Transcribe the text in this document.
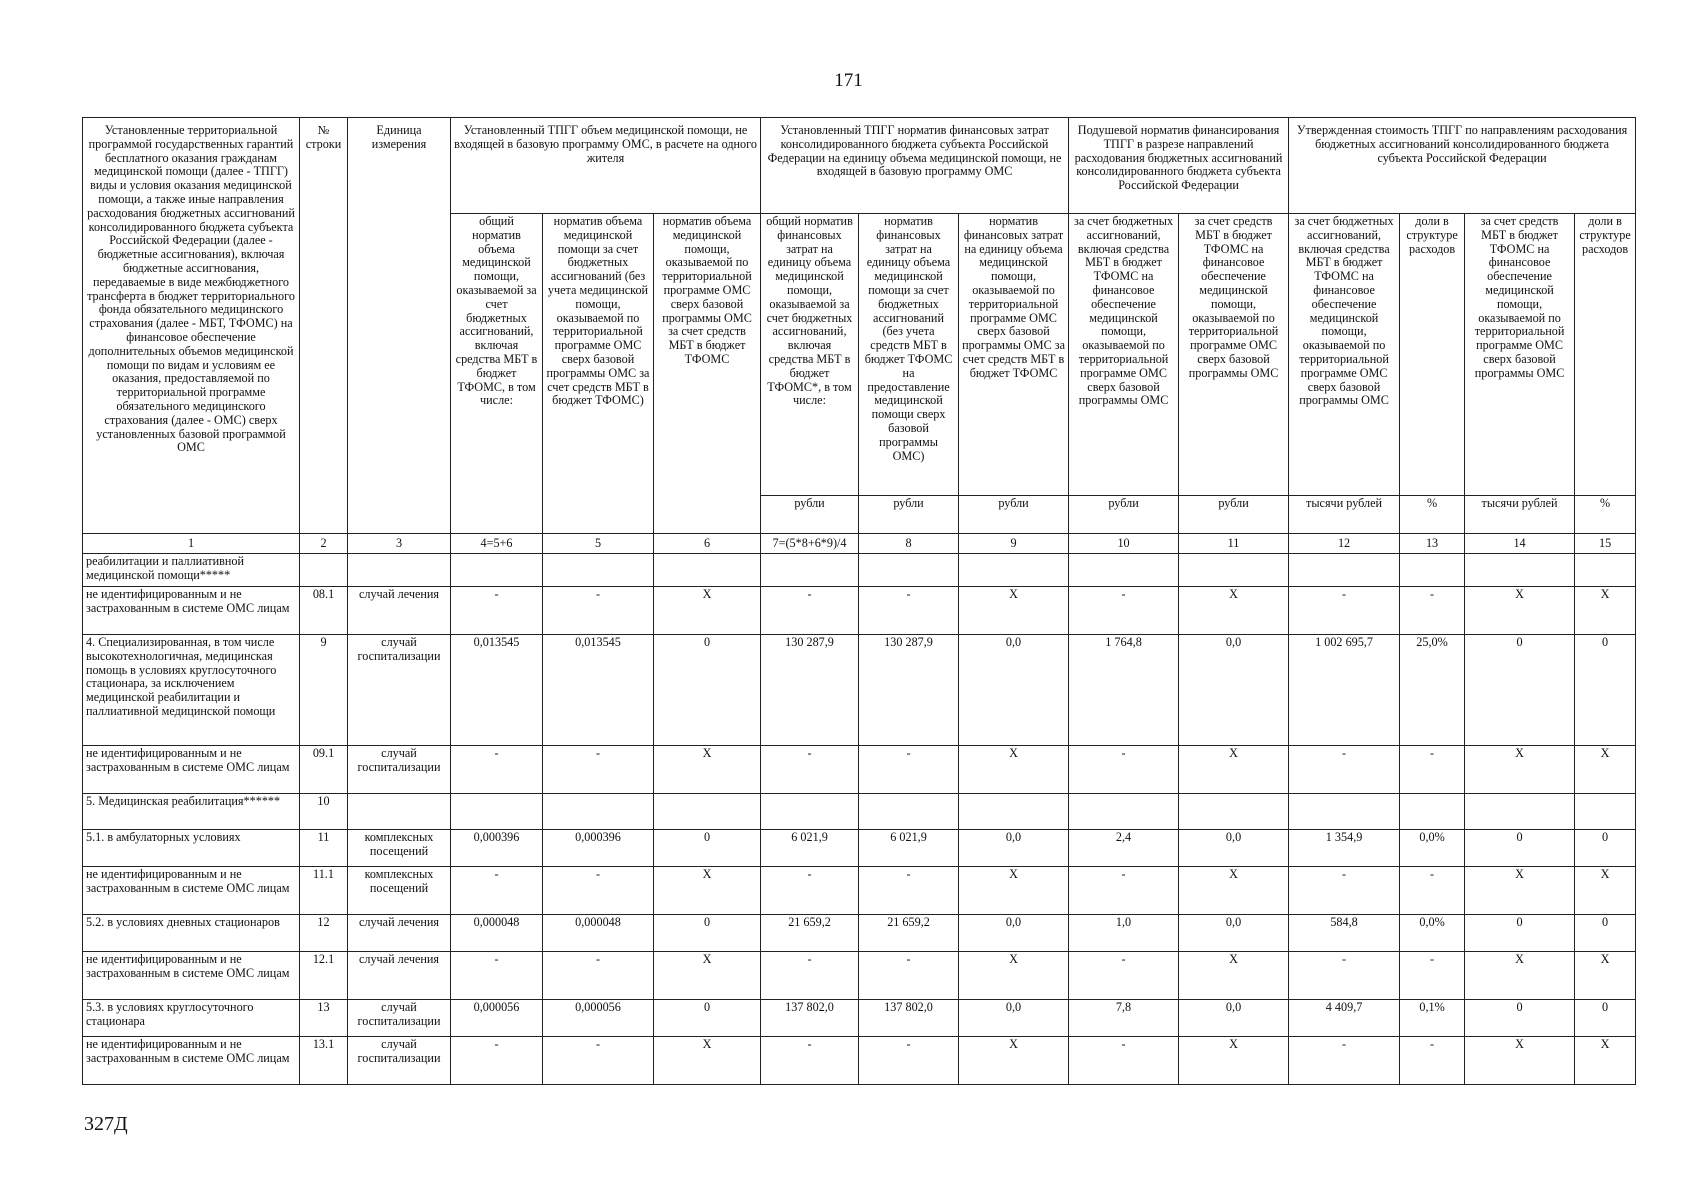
171
Установленные территориальной программой государственных гарантий бесплатного оказания гражданам медицинской помощи (далее - ТПГГ) виды и условия оказания медицинской помощи, а также иные направления расходования бюджетных ассигнований консолидированного бюджета субъекта Российской Федерации (далее - бюджетные ассигнования), включая бюджетные ассигнования, передаваемые в виде межбюджетного трансферта в бюджет территориального фонда обязательного медицинского страхования (далее - МБТ, ТФОМС) на финансовое обеспечение дополнительных объемов медицинской помощи по видам и условиям ее оказания, предоставляемой по территориальной программе обязательного медицинского страхования (далее - ОМС) сверх установленных базовой программой ОМС	№ строки	Единица измерения	Установленный ТПГГ объем медицинской помощи, не входящей в базовую программу ОМС, в расчете на одного жителя			Установленный ТПГГ норматив финансовых затрат консолидированного бюджета субъекта Российской Федерации на единицу объема медицинской помощи, не входящей в базовую программу ОМС			Подушевой норматив финансирования ТПГГ в разрезе направлений расходования бюджетных ассигнований консолидированного бюджета субъекта Российской Федерации		Утвержденная стоимость ТПГГ по направлениям расходования бюджетных ассигнований консолидированного бюджета субъекта Российской Федерации			
			общий норматив объема медицинской помощи, оказываемой за счет бюджетных ассигнований, включая средства МБТ в бюджет ТФОМС, в том числе:	норматив объема медицинской помощи за счет бюджетных ассигнований (без учета медицинской помощи, оказываемой по территориальной программе ОМС сверх базовой программы ОМС за счет средств МБТ в бюджет ТФОМС)	норматив объема медицинской помощи, оказываемой по территориальной программе ОМС сверх базовой программы ОМС за счет средств МБТ в бюджет ТФОМС	общий норматив финансовых затрат на единицу объема медицинской помощи, оказываемой за счет бюджетных ассигнований, включая средства МБТ в бюджет ТФОМС*, в том числе:	норматив финансовых затрат на единицу объема медицинской помощи за счет бюджетных ассигнований (без учета средств МБТ в бюджет ТФОМС на предоставление медицинской помощи сверх базовой программы ОМС)	норматив финансовых затрат на единицу объема медицинской помощи, оказываемой по территориальной программе ОМС сверх базовой программы ОМС за счет средств МБТ в бюджет ТФОМС	за счет бюджетных ассигнований, включая средства МБТ в бюджет ТФОМС на финансовое обеспечение медицинской помощи, оказываемой по территориальной программе ОМС сверх базовой программы ОМС	за счет средств МБТ в бюджет ТФОМС на финансовое обеспечение медицинской помощи, оказываемой по территориальной программе ОМС сверх базовой программы ОМС	за счет бюджетных ассигнований, включая средства МБТ в бюджет ТФОМС на финансовое обеспечение медицинской помощи, оказываемой по территориальной программе ОМС сверх базовой программы ОМС	доли в структуре расходов	за счет средств МБТ в бюджет ТФОМС на финансовое обеспечение медицинской помощи, оказываемой по территориальной программе ОМС сверх базовой программы ОМС	доли в структуре расходов
						рубли	рубли	рубли	рубли	рубли	тысячи рублей	%	тысячи рублей	%
1	2	3	4=5+6	5	6	7=(5*8+6*9)/4	8	9	10	11	12	13	14	15
реабилитации и паллиативной медицинской помощи*****														
не идентифицированным и не застрахованным в системе ОМС лицам	08.1	случай лечения	-	-	X	-	-	X	-	X	-	-	X	X
4. Специализированная, в том числе высокотехнологичная, медицинская помощь в условиях круглосуточного стационара, за исключением медицинской реабилитации и паллиативной медицинской помощи	9	случай госпитализации	0,013545	0,013545	0	130 287,9	130 287,9	0,0	1 764,8	0,0	1 002 695,7	25,0%	0	0
не идентифицированным и не застрахованным в системе ОМС лицам	09.1	случай госпитализации	-	-	X	-	-	X	-	X	-	-	X	X
5. Медицинская реабилитация******	10													
5.1. в амбулаторных условиях	11	комплексных посещений	0,000396	0,000396	0	6 021,9	6 021,9	0,0	2,4	0,0	1 354,9	0,0%	0	0
не идентифицированным и не застрахованным в системе ОМС лицам	11.1	комплексных посещений	-	-	X	-	-	X	-	X	-	-	X	X
5.2. в условиях дневных стационаров	12	случай лечения	0,000048	0,000048	0	21 659,2	21 659,2	0,0	1,0	0,0	584,8	0,0%	0	0
не идентифицированным и не застрахованным в системе ОМС лицам	12.1	случай лечения	-	-	X	-	-	X	-	X	-	-	X	X
5.3. в условиях круглосуточного стационара	13	случай госпитализации	0,000056	0,000056	0	137 802,0	137 802,0	0,0	7,8	0,0	4 409,7	0,1%	0	0
не идентифицированным и не застрахованным в системе ОМС лицам	13.1	случай госпитализации	-	-	X	-	-	X	-	X	-	-	X	X
327Д
